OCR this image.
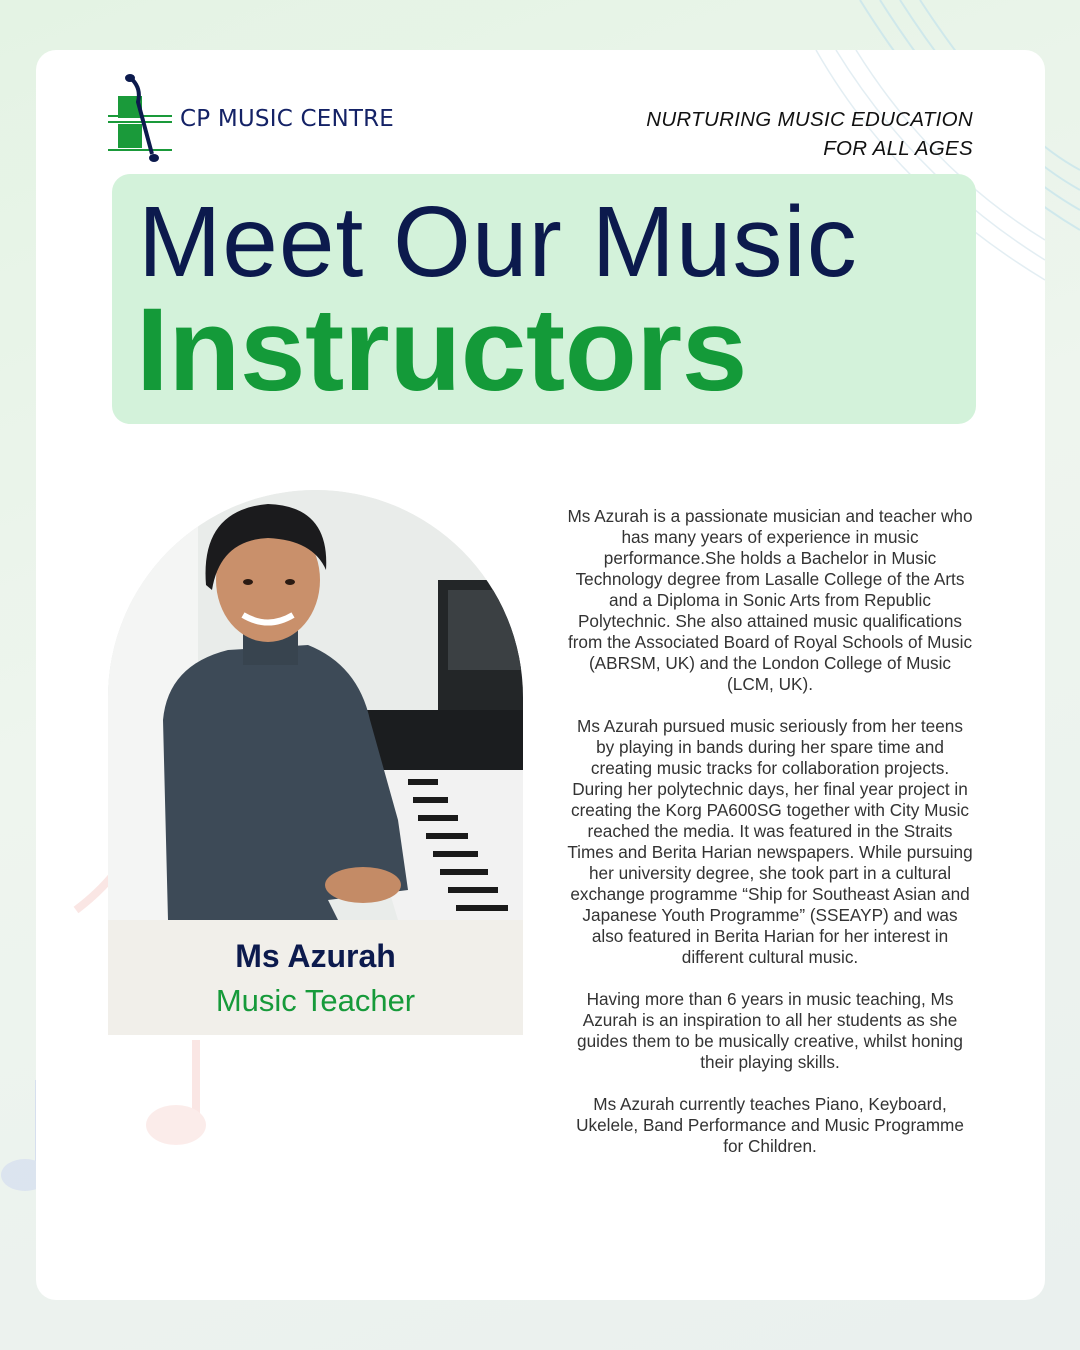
CP MUSIC CENTRE	NURTURING MUSIC EDUCATION
FOR ALL AGES
Meet Our Music
Instructors
Ms Azurah
Music Teacher

Ms Azurah is a passionate musician and teacher who has many years of experience in music performance.She holds a Bachelor in Music Technology degree from Lasalle College of the Arts and a Diploma in Sonic Arts from Republic Polytechnic. She also attained music qualifications from the Associated Board of Royal Schools of Music (ABRSM, UK) and the London College of Music (LCM, UK).

Ms Azurah pursued music seriously from her teens by playing in bands during her spare time and creating music tracks for collaboration projects. During her polytechnic days, her final year project in creating the Korg PA600SG together with City Music reached the media. It was featured in the Straits Times and Berita Harian newspapers. While pursuing her university degree, she took part in a cultural exchange programme “Ship for Southeast Asian and Japanese Youth Programme” (SSEAYP) and was also featured in Berita Harian for her interest in different cultural music.

Having more than 6 years in music teaching, Ms Azurah is an inspiration to all her students as she guides them to be musically creative, whilst honing their playing skills.

Ms Azurah currently teaches Piano, Keyboard, Ukelele, Band Performance and Music Programme for Children.
